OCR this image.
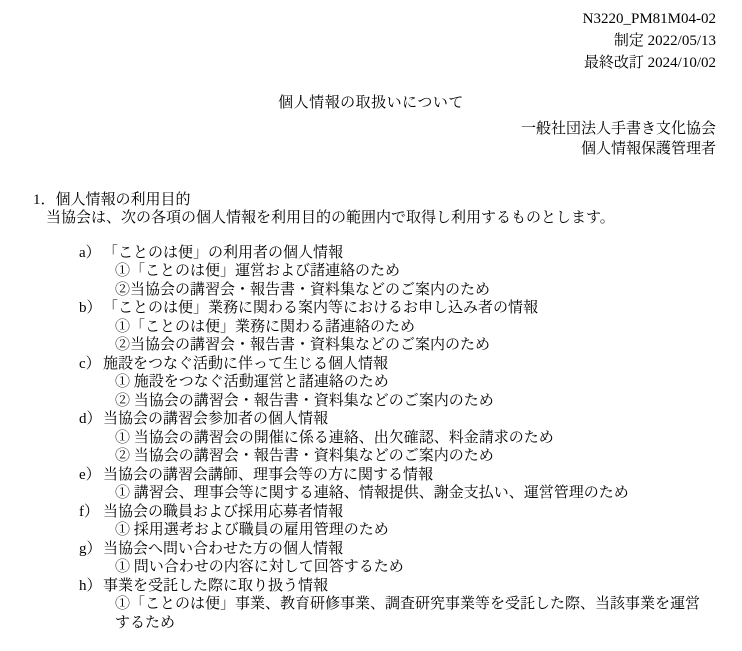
N3220_PM81M04-02
制定 2022/05/13
最終改訂 2024/10/02
個人情報の取扱いについて
一般社団法人手書き文化協会
個人情報保護管理者
1．個人情報の利用目的
当協会は、次の各項の個人情報を利用目的の範囲内で取得し利用するものとします。
a） 「ことのは便」の利用者の個人情報
①「ことのは便」運営および諸連絡のため
②当協会の講習会・報告書・資料集などのご案内のため
b）「ことのは便」業務に関わる案内等におけるお申し込み者の情報
①「ことのは便」業務に関わる諸連絡のため
②当協会の講習会・報告書・資料集などのご案内のため
c） 施設をつなぐ活動に伴って生じる個人情報
① 施設をつなぐ活動運営と諸連絡のため
② 当協会の講習会・報告書・資料集などのご案内のため
d）当協会の講習会参加者の個人情報
① 当協会の講習会の開催に係る連絡、出欠確認、料金請求のため
② 当協会の講習会・報告書・資料集などのご案内のため
e） 当協会の講習会講師、理事会等の方に関する情報
① 講習会、理事会等に関する連絡、情報提供、謝金支払い、運営管理のため
f） 当協会の職員および採用応募者情報
① 採用選考および職員の雇用管理のため
g）当協会へ問い合わせた方の個人情報
① 問い合わせの内容に対して回答するため
h）事業を受託した際に取り扱う情報
①「ことのは便」事業、教育研修事業、調査研究事業等を受託した際、当該事業を運営するため
